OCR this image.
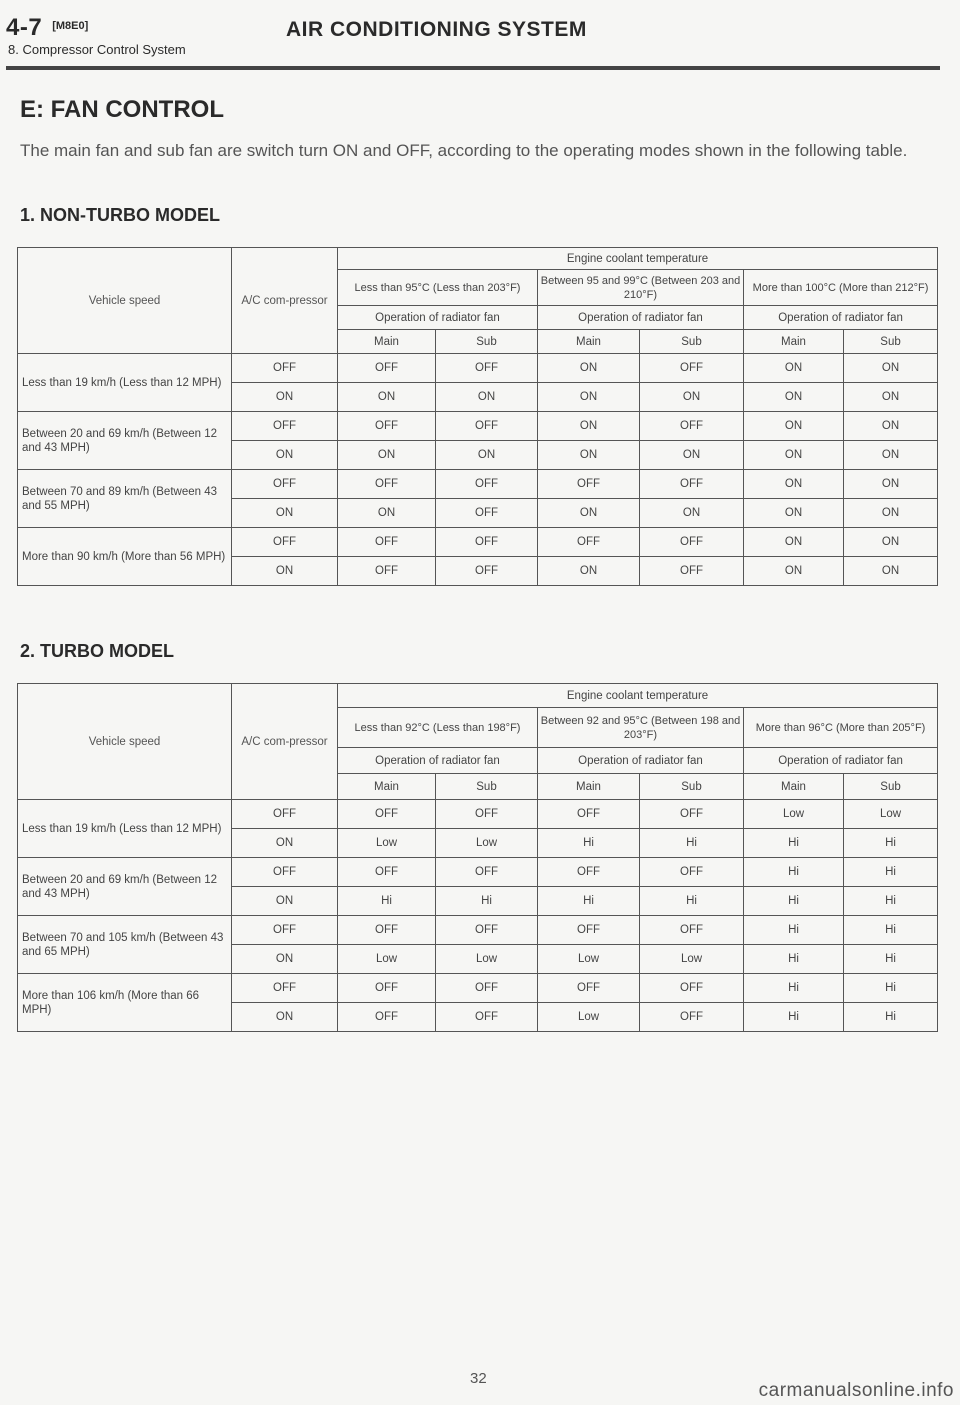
4-7 [M8E0]
8. Compressor Control System
AIR CONDITIONING SYSTEM
E: FAN CONTROL
The main fan and sub fan are switch turn ON and OFF, according to the operating modes shown in the following table.
1. NON-TURBO MODEL
Vehicle speed	A/C com-pressor	Engine coolant temperature					
		Less than 95°C (Less than 203°F)		Between 95 and 99°C (Between 203 and 210°F)		More than 100°C (More than 212°F)	
		Operation of radiator fan		Operation of radiator fan		Operation of radiator fan	
		Main	Sub	Main	Sub	Main	Sub
Less than 19 km/h (Less than 12 MPH)	OFF	OFF	OFF	ON	OFF	ON	ON
	ON	ON	ON	ON	ON	ON	ON
Between 20 and 69 km/h (Between 12 and 43 MPH)	OFF	OFF	OFF	ON	OFF	ON	ON
	ON	ON	ON	ON	ON	ON	ON
Between 70 and 89 km/h (Between 43 and 55 MPH)	OFF	OFF	OFF	OFF	OFF	ON	ON
	ON	ON	OFF	ON	ON	ON	ON
More than 90 km/h (More than 56 MPH)	OFF	OFF	OFF	OFF	OFF	ON	ON
	ON	OFF	OFF	ON	OFF	ON	ON
2. TURBO MODEL
Vehicle speed	A/C com-pressor	Engine coolant temperature					
		Less than 92°C (Less than 198°F)		Between 92 and 95°C (Between 198 and 203°F)		More than 96°C (More than 205°F)	
		Operation of radiator fan		Operation of radiator fan		Operation of radiator fan	
		Main	Sub	Main	Sub	Main	Sub
Less than 19 km/h (Less than 12 MPH)	OFF	OFF	OFF	OFF	OFF	Low	Low
	ON	Low	Low	Hi	Hi	Hi	Hi
Between 20 and 69 km/h (Between 12 and 43 MPH)	OFF	OFF	OFF	OFF	OFF	Hi	Hi
	ON	Hi	Hi	Hi	Hi	Hi	Hi
Between 70 and 105 km/h (Between 43 and 65 MPH)	OFF	OFF	OFF	OFF	OFF	Hi	Hi
	ON	Low	Low	Low	Low	Hi	Hi
More than 106 km/h (More than 66 MPH)	OFF	OFF	OFF	OFF	OFF	Hi	Hi
	ON	OFF	OFF	Low	OFF	Hi	Hi
32
carmanualsonline.info
